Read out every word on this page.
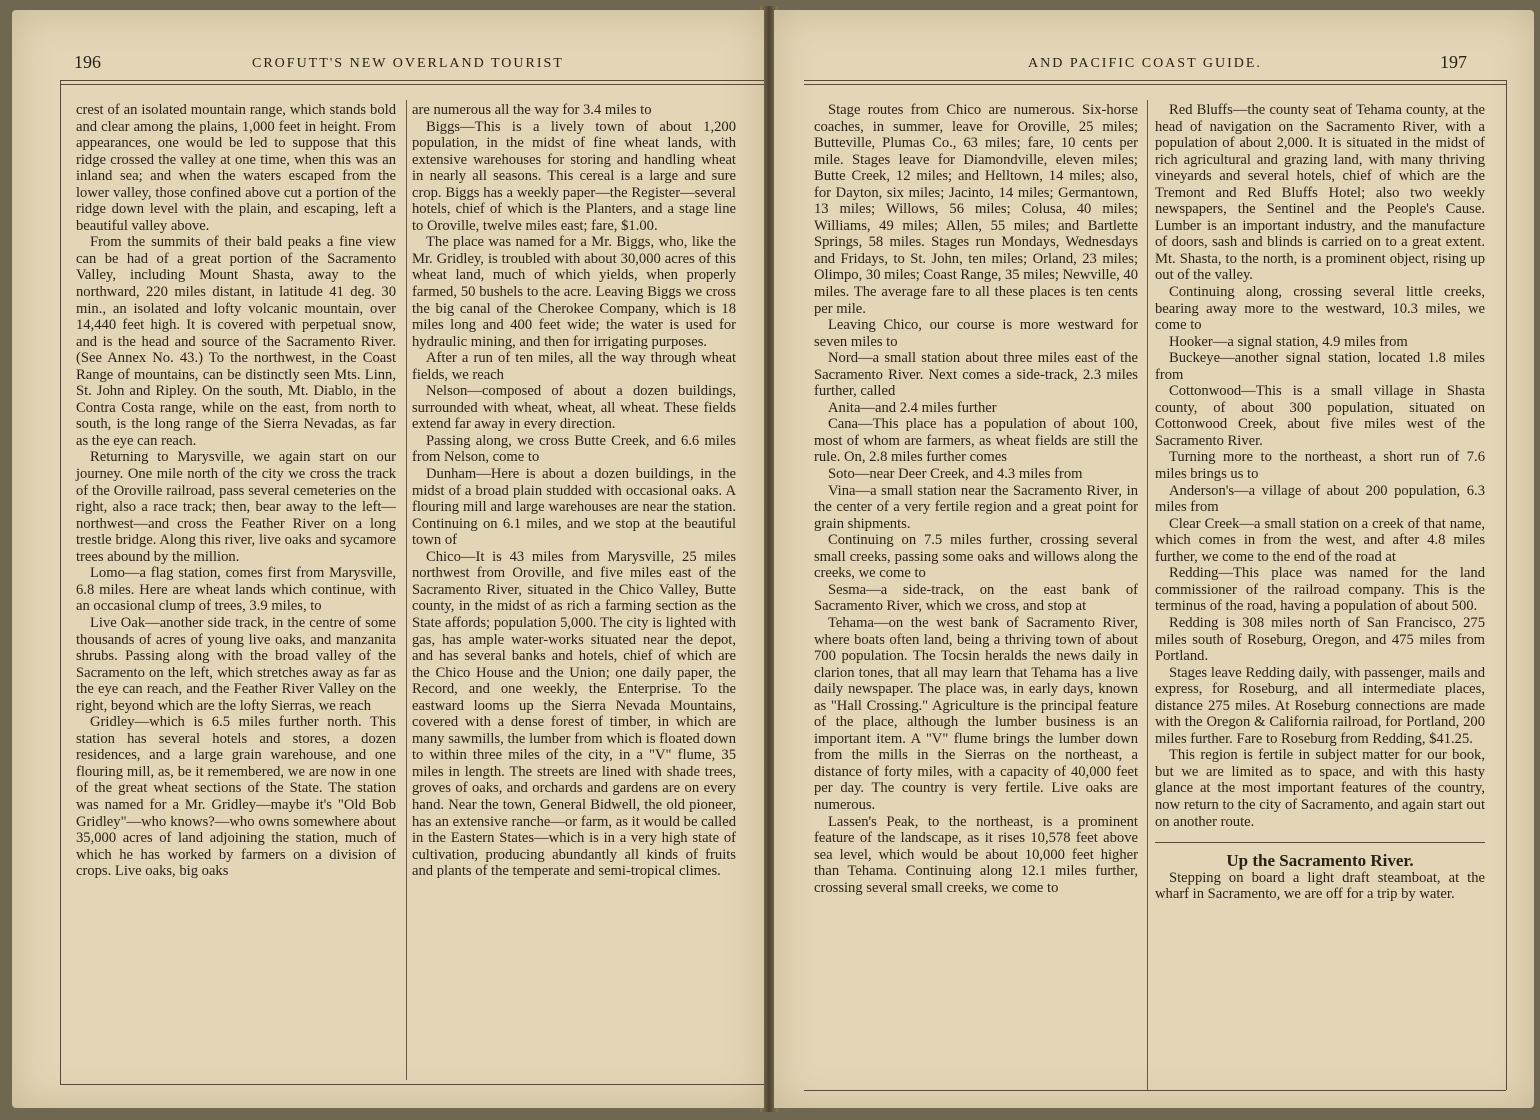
196	CROFUTT'S NEW OVERLAND TOURIST

crest of an isolated mountain range, which stands bold and clear among the plains, 1,000 feet in height. From appearances, one would be led to suppose that this ridge crossed the valley at one time, when this was an inland sea; and when the waters escaped from the lower valley, those confined above cut a portion of the ridge down level with the plain, and escaping, left a beautiful valley above.

From the summits of their bald peaks a fine view can be had of a great portion of the Sacramento Valley, including Mount Shasta, away to the northward, 220 miles distant, in latitude 41 deg. 30 min., an isolated and lofty volcanic mountain, over 14,440 feet high. It is covered with perpetual snow, and is the head and source of the Sacramento River. (See Annex No. 43.) To the northwest, in the Coast Range of mountains, can be distinctly seen Mts. Linn, St. John and Ripley. On the south, Mt. Diablo, in the Contra Costa range, while on the east, from north to south, is the long range of the Sierra Nevadas, as far as the eye can reach.

Returning to Marysville, we again start on our journey. One mile north of the city we cross the track of the Oroville railroad, pass several cemeteries on the right, also a race track; then, bear away to the left—northwest—and cross the Feather River on a long trestle bridge. Along this river, live oaks and sycamore trees abound by the million.

Lomo—a flag station, comes first from Marysville, 6.8 miles. Here are wheat lands which continue, with an occasional clump of trees, 3.9 miles, to

Live Oak—another side track, in the centre of some thousands of acres of young live oaks, and manzanita shrubs. Passing along with the broad valley of the Sacramento on the left, which stretches away as far as the eye can reach, and the Feather River Valley on the right, beyond which are the lofty Sierras, we reach

Gridley—which is 6.5 miles further north. This station has several hotels and stores, a dozen residences, and a large grain warehouse, and one flouring mill, as, be it remembered, we are now in one of the great wheat sections of the State. The station was named for a Mr. Gridley—maybe it's "Old Bob Gridley"—who knows?—who owns somewhere about 35,000 acres of land adjoining the station, much of which he has worked by farmers on a division of crops. Live oaks, big oaks

are numerous all the way for 3.4 miles to

Biggs—This is a lively town of about 1,200 population, in the midst of fine wheat lands, with extensive warehouses for storing and handling wheat in nearly all seasons. This cereal is a large and sure crop. Biggs has a weekly paper—the Register—several hotels, chief of which is the Planters, and a stage line to Oroville, twelve miles east; fare, $1.00.

The place was named for a Mr. Biggs, who, like the Mr. Gridley, is troubled with about 30,000 acres of this wheat land, much of which yields, when properly farmed, 50 bushels to the acre. Leaving Biggs we cross the big canal of the Cherokee Company, which is 18 miles long and 400 feet wide; the water is used for hydraulic mining, and then for irrigating purposes.

After a run of ten miles, all the way through wheat fields, we reach

Nelson—composed of about a dozen buildings, surrounded with wheat, wheat, all wheat. These fields extend far away in every direction.

Passing along, we cross Butte Creek, and 6.6 miles from Nelson, come to

Dunham—Here is about a dozen buildings, in the midst of a broad plain studded with occasional oaks. A flouring mill and large warehouses are near the station. Continuing on 6.1 miles, and we stop at the beautiful town of

Chico—It is 43 miles from Marysville, 25 miles northwest from Oroville, and five miles east of the Sacramento River, situated in the Chico Valley, Butte county, in the midst of as rich a farming section as the State affords; population 5,000. The city is lighted with gas, has ample water-works situated near the depot, and has several banks and hotels, chief of which are the Chico House and the Union; one daily paper, the Record, and one weekly, the Enterprise. To the eastward looms up the Sierra Nevada Mountains, covered with a dense forest of timber, in which are many sawmills, the lumber from which is floated down to within three miles of the city, in a "V" flume, 35 miles in length. The streets are lined with shade trees, groves of oaks, and orchards and gardens are on every hand. Near the town, General Bidwell, the old pioneer, has an extensive ranche—or farm, as it would be called in the Eastern States—which is in a very high state of cultivation, producing abundantly all kinds of fruits and plants of the temperate and semi-tropical climes.

AND PACIFIC COAST GUIDE.	197

Stage routes from Chico are numerous. Six-horse coaches, in summer, leave for Oroville, 25 miles; Butteville, Plumas Co., 63 miles; fare, 10 cents per mile. Stages leave for Diamondville, eleven miles; Butte Creek, 12 miles; and Helltown, 14 miles; also, for Dayton, six miles; Jacinto, 14 miles; Germantown, 13 miles; Willows, 56 miles; Colusa, 40 miles; Williams, 49 miles; Allen, 55 miles; and Bartlette Springs, 58 miles. Stages run Mondays, Wednesdays and Fridays, to St. John, ten miles; Orland, 23 miles; Olimpo, 30 miles; Coast Range, 35 miles; Newville, 40 miles. The average fare to all these places is ten cents per mile.

Leaving Chico, our course is more westward for seven miles to

Nord—a small station about three miles east of the Sacramento River. Next comes a side-track, 2.3 miles further, called

Anita—and 2.4 miles further

Cana—This place has a population of about 100, most of whom are farmers, as wheat fields are still the rule. On, 2.8 miles further comes

Soto—near Deer Creek, and 4.3 miles from

Vina—a small station near the Sacramento River, in the center of a very fertile region and a great point for grain shipments.

Continuing on 7.5 miles further, crossing several small creeks, passing some oaks and willows along the creeks, we come to

Sesma—a side-track, on the east bank of Sacramento River, which we cross, and stop at

Tehama—on the west bank of Sacramento River, where boats often land, being a thriving town of about 700 population. The Tocsin heralds the news daily in clarion tones, that all may learn that Tehama has a live daily newspaper. The place was, in early days, known as "Hall Crossing." Agriculture is the principal feature of the place, although the lumber business is an important item. A "V" flume brings the lumber down from the mills in the Sierras on the northeast, a distance of forty miles, with a capacity of 40,000 feet per day. The country is very fertile. Live oaks are numerous.

Lassen's Peak, to the northeast, is a prominent feature of the landscape, as it rises 10,578 feet above sea level, which would be about 10,000 feet higher than Tehama. Continuing along 12.1 miles further, crossing several small creeks, we come to

Red Bluffs—the county seat of Tehama county, at the head of navigation on the Sacramento River, with a population of about 2,000. It is situated in the midst of rich agricultural and grazing land, with many thriving vineyards and several hotels, chief of which are the Tremont and Red Bluffs Hotel; also two weekly newspapers, the Sentinel and the People's Cause. Lumber is an important industry, and the manufacture of doors, sash and blinds is carried on to a great extent. Mt. Shasta, to the north, is a prominent object, rising up out of the valley.

Continuing along, crossing several little creeks, bearing away more to the westward, 10.3 miles, we come to

Hooker—a signal station, 4.9 miles from

Buckeye—another signal station, located 1.8 miles from

Cottonwood—This is a small village in Shasta county, of about 300 population, situated on Cottonwood Creek, about five miles west of the Sacramento River.

Turning more to the northeast, a short run of 7.6 miles brings us to

Anderson's—a village of about 200 population, 6.3 miles from

Clear Creek—a small station on a creek of that name, which comes in from the west, and after 4.8 miles further, we come to the end of the road at

Redding—This place was named for the land commissioner of the railroad company. This is the terminus of the road, having a population of about 500.

Redding is 308 miles north of San Francisco, 275 miles south of Roseburg, Oregon, and 475 miles from Portland.

Stages leave Redding daily, with passenger, mails and express, for Roseburg, and all intermediate places, distance 275 miles. At Roseburg connections are made with the Oregon & California railroad, for Portland, 200 miles further. Fare to Roseburg from Redding, $41.25.

This region is fertile in subject matter for our book, but we are limited as to space, and with this hasty glance at the most important features of the country, now return to the city of Sacramento, and again start out on another route.

Up the Sacramento River.

Stepping on board a light draft steamboat, at the wharf in Sacramento, we are off for a trip by water.
